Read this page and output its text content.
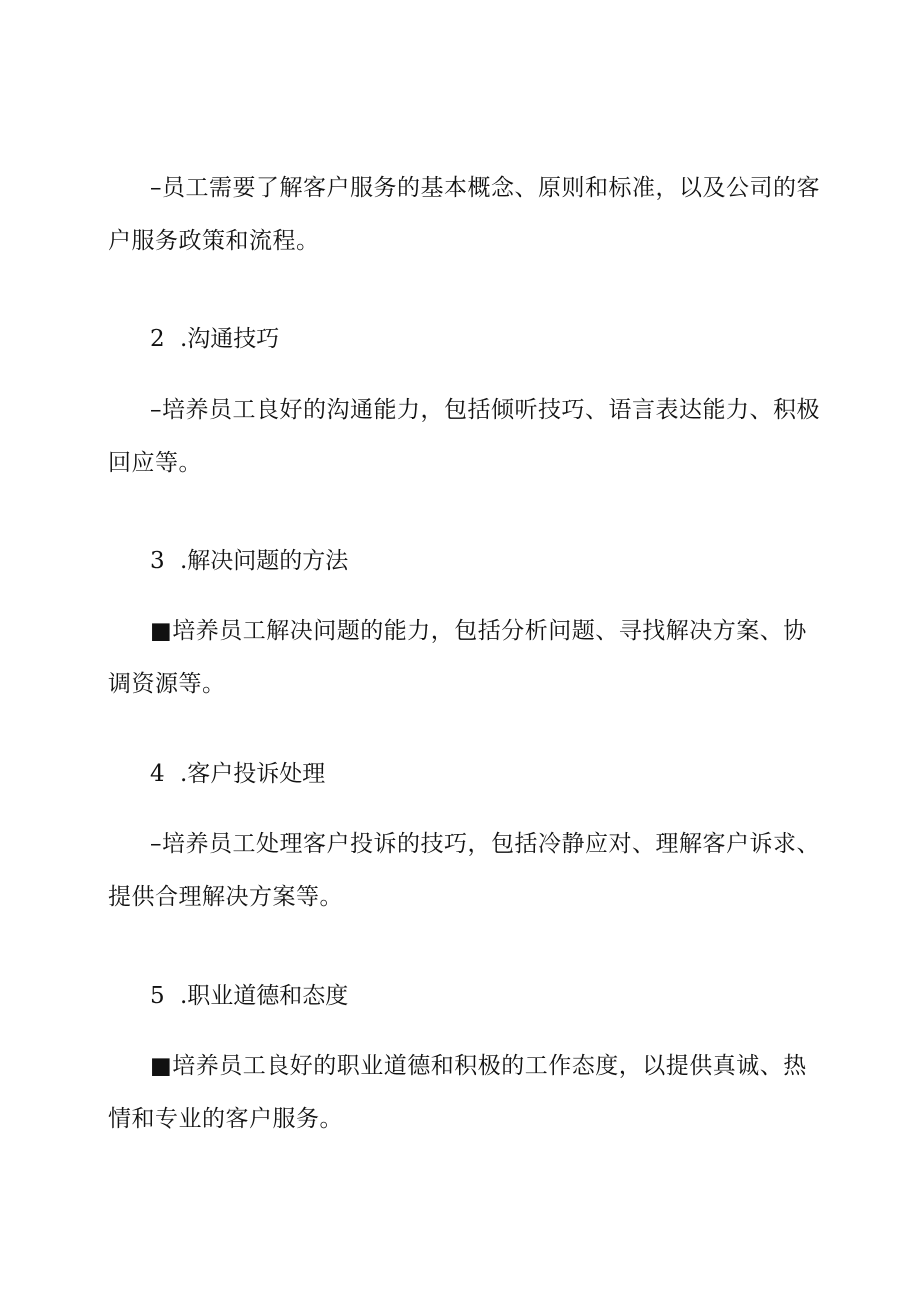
–员工需要了解客户服务的基本概念、原则和标准，以及公司的客户服务政策和流程。

2 .沟通技巧

–培养员工良好的沟通能力，包括倾听技巧、语言表达能力、积极回应等。

3 .解决问题的方法

■培养员工解决问题的能力，包括分析问题、寻找解决方案、协调资源等。

4 .客户投诉处理

–培养员工处理客户投诉的技巧，包括冷静应对、理解客户诉求、提供合理解决方案等。

5 .职业道德和态度

■培养员工良好的职业道德和积极的工作态度，以提供真诚、热情和专业的客户服务。
